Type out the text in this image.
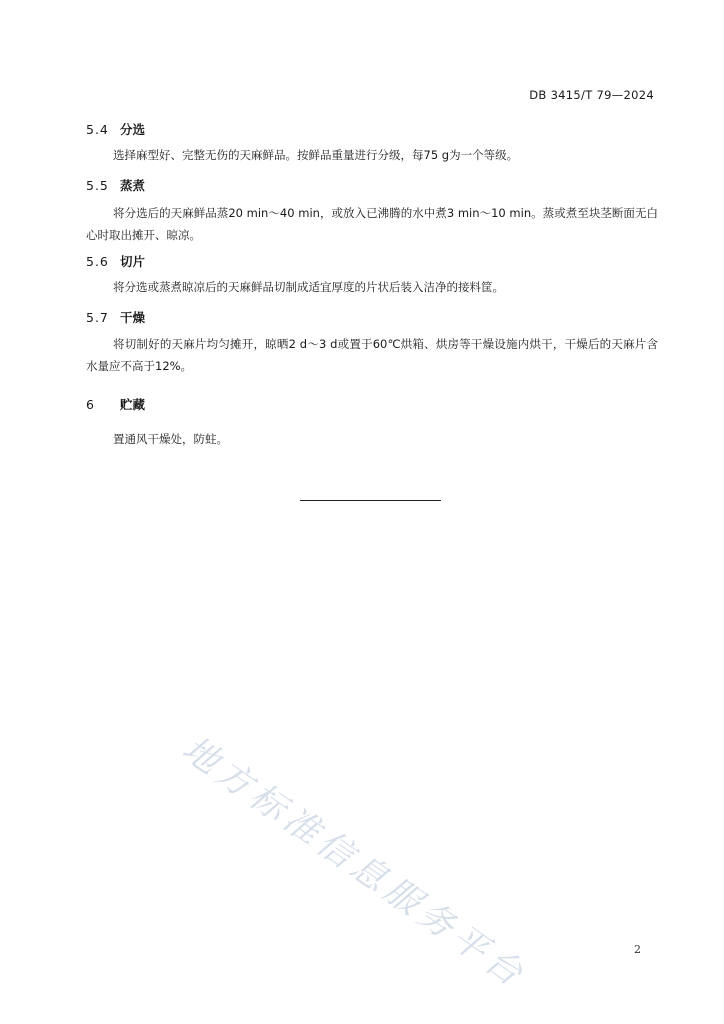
DB 3415/T 79—2024
5.4 分选

选择麻型好、完整无伤的天麻鲜品。按鲜品重量进行分级，每75 g为一个等级。

5.5 蒸煮

将分选后的天麻鲜品蒸20 min～40 min，或放入已沸腾的水中煮3 min～10 min。蒸或煮至块茎断面无白心时取出摊开、晾凉。

5.6 切片

将分选或蒸煮晾凉后的天麻鲜品切制成适宜厚度的片状后装入洁净的接料筐。

5.7 干燥

将切制好的天麻片均匀摊开，晾晒2 d～3 d或置于60℃烘箱、烘房等干燥设施内烘干，干燥后的天麻片含水量应不高于12%。

6 贮藏

置通风干燥处，防蛀。

地方标准信息服务平台	2
